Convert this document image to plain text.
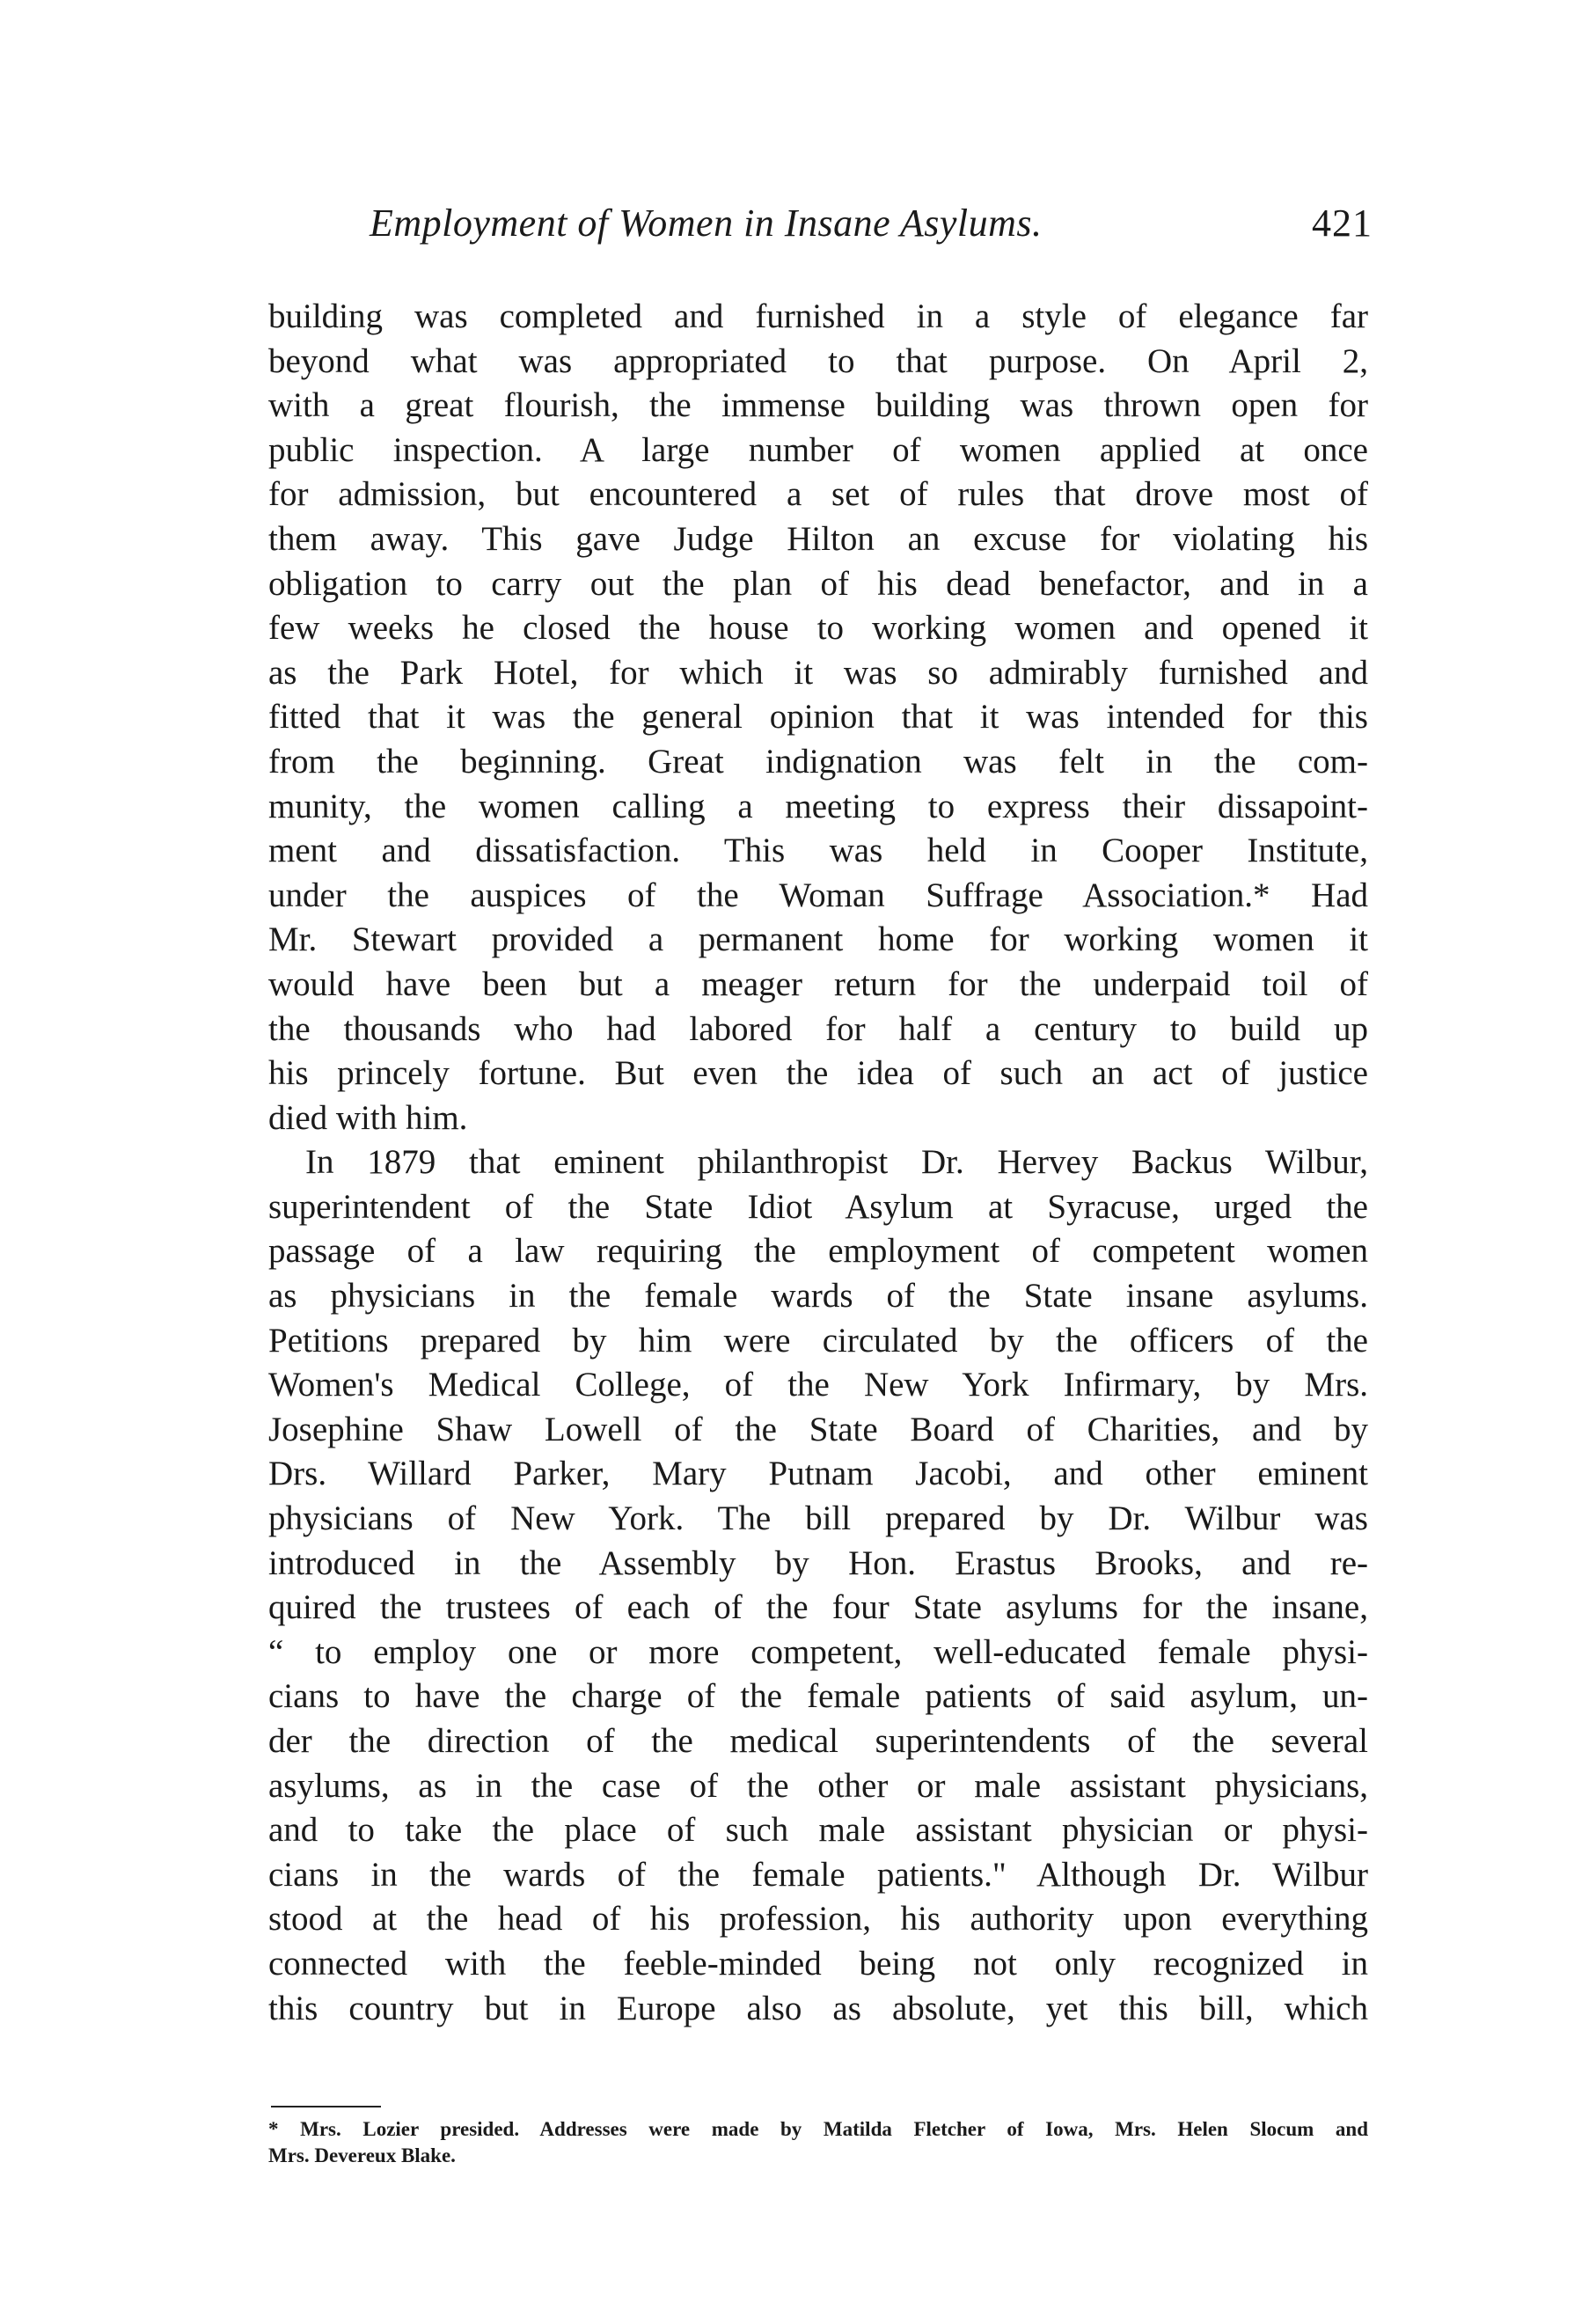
Employment of Women in Insane Asylums.	421
building was completed and furnished in a style of elegance far
beyond what was appropriated to that purpose. On April 2,
with a great flourish, the immense building was thrown open for
public inspection. A large number of women applied at once
for admission, but encountered a set of rules that drove most of
them away. This gave Judge Hilton an excuse for violating his
obligation to carry out the plan of his dead benefactor, and in a
few weeks he closed the house to working women and opened it
as the Park Hotel, for which it was so admirably furnished and
fitted that it was the general opinion that it was intended for this
from the beginning. Great indignation was felt in the com-
munity, the women calling a meeting to express their dissapoint-
ment and dissatisfaction. This was held in Cooper Institute,
under the auspices of the Woman Suffrage Association.* Had
Mr. Stewart provided a permanent home for working women it
would have been but a meager return for the underpaid toil of
the thousands who had labored for half a century to build up
his princely fortune. But even the idea of such an act of justice
died with him.
In 1879 that eminent philanthropist Dr. Hervey Backus Wilbur,
superintendent of the State Idiot Asylum at Syracuse, urged the
passage of a law requiring the employment of competent women
as physicians in the female wards of the State insane asylums.
Petitions prepared by him were circulated by the officers of the
Women's Medical College, of the New York Infirmary, by Mrs.
Josephine Shaw Lowell of the State Board of Charities, and by
Drs. Willard Parker, Mary Putnam Jacobi, and other eminent
physicians of New York. The bill prepared by Dr. Wilbur was
introduced in the Assembly by Hon. Erastus Brooks, and re-
quired the trustees of each of the four State asylums for the insane,
“ to employ one or more competent, well-educated female physi-
cians to have the charge of the female patients of said asylum, un-
der the direction of the medical superintendents of the several
asylums, as in the case of the other or male assistant physicians,
and to take the place of such male assistant physician or physi-
cians in the wards of the female patients." Although Dr. Wilbur
stood at the head of his profession, his authority upon everything
connected with the feeble-minded being not only recognized in
this country but in Europe also as absolute, yet this bill, which
* Mrs. Lozier presided. Addresses were made by Matilda Fletcher of Iowa, Mrs. Helen Slocum and
Mrs. Devereux Blake.
